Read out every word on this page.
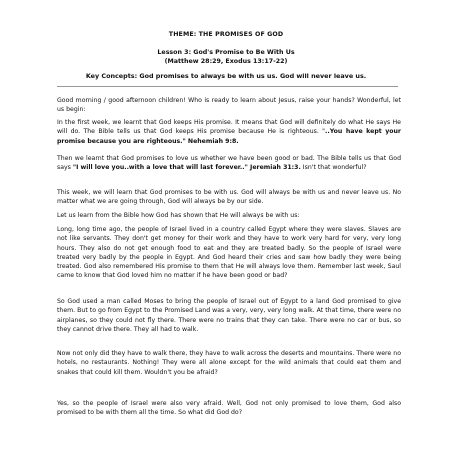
THEME: THE PROMISES OF GOD
Lesson 3: God's Promise to Be With Us
(Matthew 28:29, Exodus 13:17-22)
Key Concepts: God promises to always be with us us. God will never leave us.

Good morning / good afternoon children! Who is ready to learn about Jesus, raise your hands? Wonderful, let us begin:

In the first week, we learnt that God keeps His promise. It means that God will definitely do what He says He will do. The Bible tells us that God keeps His promise because He is righteous. "..You have kept your promise because you are righteous." Nehemiah 9:8.

Then we learnt that God promises to love us whether we have been good or bad. The Bible tells us that God says "I will love you..with a love that will last forever.." Jeremiah 31:3. Isn't that wonderful?

This week, we will learn that God promises to be with us. God will always be with us and never leave us. No matter what we are going through, God will always be by our side.

Let us learn from the Bible how God has shown that He will always be with us:

Long, long time ago, the people of Israel lived in a country called Egypt where they were slaves. Slaves are not like servants. They don't get money for their work and they have to work very hard for very, very long hours. They also do not get enough food to eat and they are treated badly. So the people of Israel were treated very badly by the people in Egypt. And God heard their cries and saw how badly they were being treated. God also remembered His promise to them that He will always love them. Remember last week, Saul came to know that God loved him no matter if he have been good or bad?

So God used a man called Moses to bring the people of Israel out of Egypt to a land God promised to give them. But to go from Egypt to the Promised Land was a very, very, very long walk. At that time, there were no airplanes, so they could not fly there. There were no trains that they can take. There were no car or bus, so they cannot drive there. They all had to walk.

Now not only did they have to walk there, they have to walk across the deserts and mountains. There were no hotels, no restaurants. Nothing! They were all alone except for the wild animals that could eat them and snakes that could kill them. Wouldn't you be afraid?

Yes, so the people of Israel were also very afraid. Well, God not only promised to love them, God also promised to be with them all the time. So what did God do?
